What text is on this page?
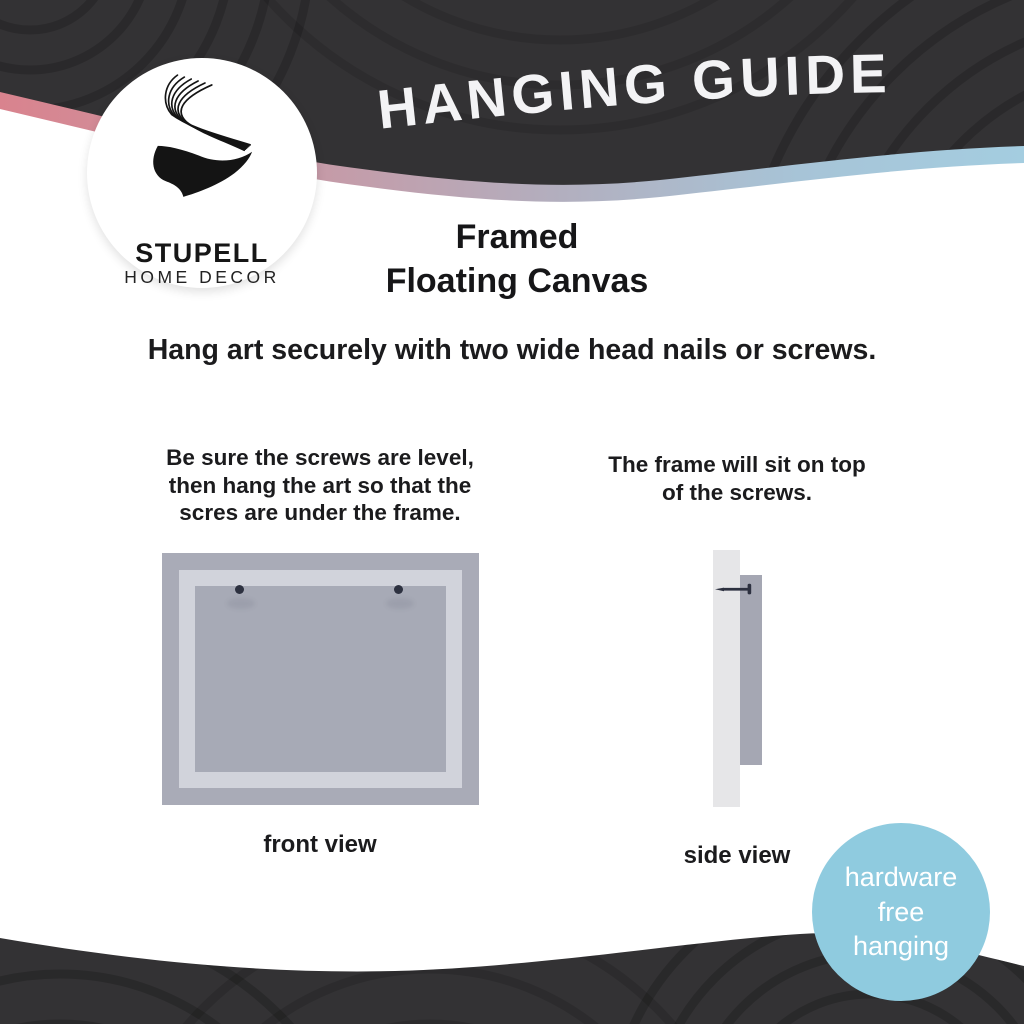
HANGING GUIDE
STUPELL
HOME DECOR
Framed
Floating Canvas
Hang art securely with two wide head nails or screws.
Be sure the screws are level,
then hang the art so that the
scres are under the frame.
The frame will sit on top
of the screws.
front view	side view
hardware
free
hanging
